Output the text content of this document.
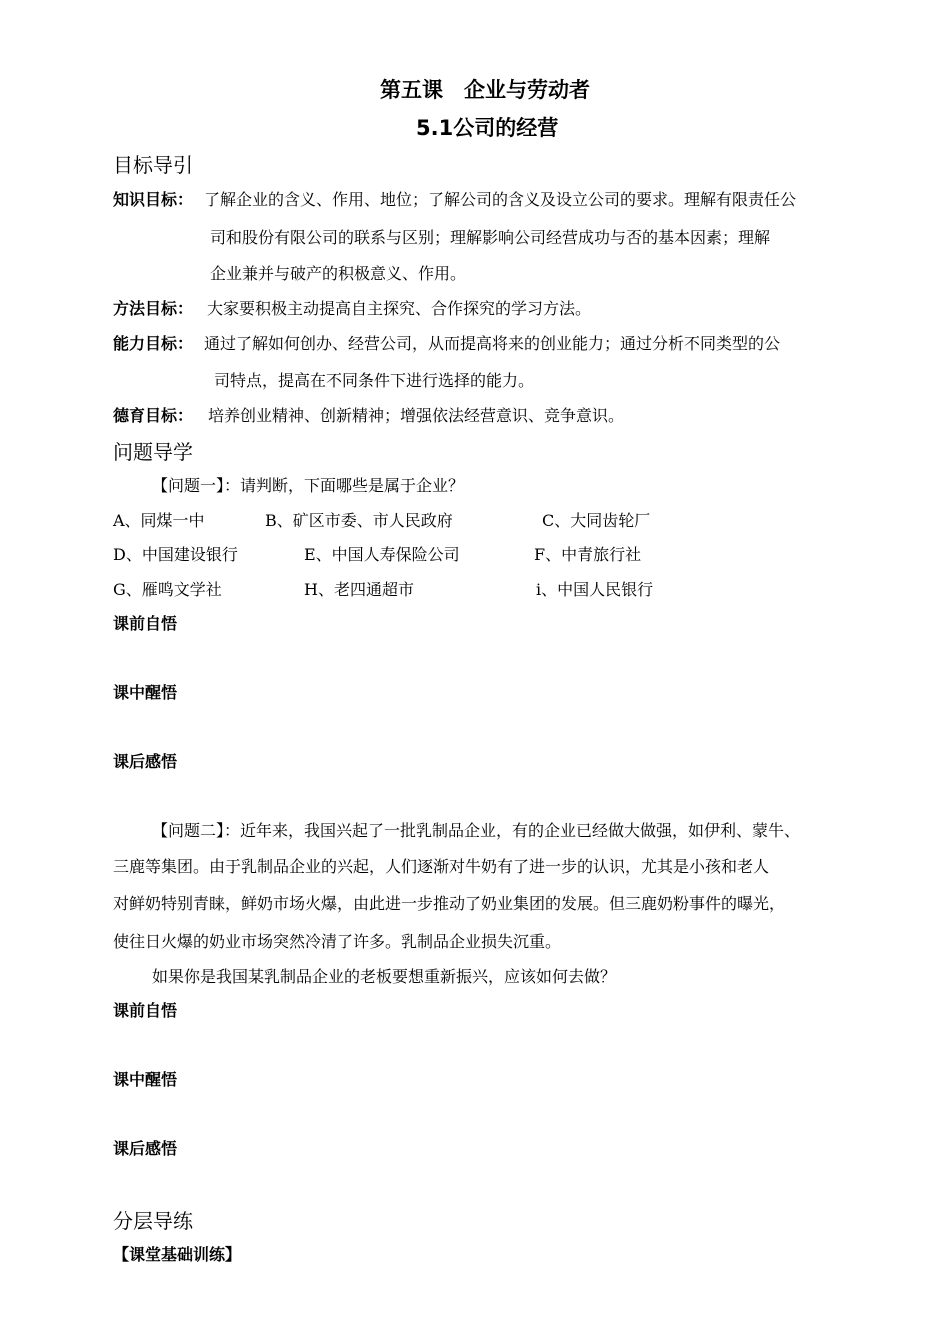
第五课　企业与劳动者
5.1公司的经营
目标导引
知识目标： 了解企业的含义、作用、地位；了解公司的含义及设立公司的要求。理解有限责任公
司和股份有限公司的联系与区别；理解影响公司经营成功与否的基本因素；理解
企业兼并与破产的积极意义、作用。
方法目标： 大家要积极主动提高自主探究、合作探究的学习方法。
能力目标： 通过了解如何创办、经营公司，从而提高将来的创业能力；通过分析不同类型的公
司特点，提高在不同条件下进行选择的能力。
德育目标： 培养创业精神、创新精神；增强依法经营意识、竞争意识。
问题导学
【问题一】：请判断，下面哪些是属于企业？
A、同煤一中	B、矿区市委、市人民政府	C、大同齿轮厂
D、中国建设银行	E、中国人寿保险公司	F、中青旅行社
G、雁鸣文学社	H、老四通超市	i、中国人民银行
课前自悟
课中醒悟
课后感悟
【问题二】：近年来，我国兴起了一批乳制品企业，有的企业已经做大做强，如伊利、蒙牛、
三鹿等集团。由于乳制品企业的兴起，人们逐渐对牛奶有了进一步的认识，尤其是小孩和老人
对鲜奶特别青睐，鲜奶市场火爆，由此进一步推动了奶业集团的发展。但三鹿奶粉事件的曝光，
使往日火爆的奶业市场突然冷清了许多。乳制品企业损失沉重。
如果你是我国某乳制品企业的老板要想重新振兴，应该如何去做？
课前自悟
课中醒悟
课后感悟
分层导练
【课堂基础训练】
